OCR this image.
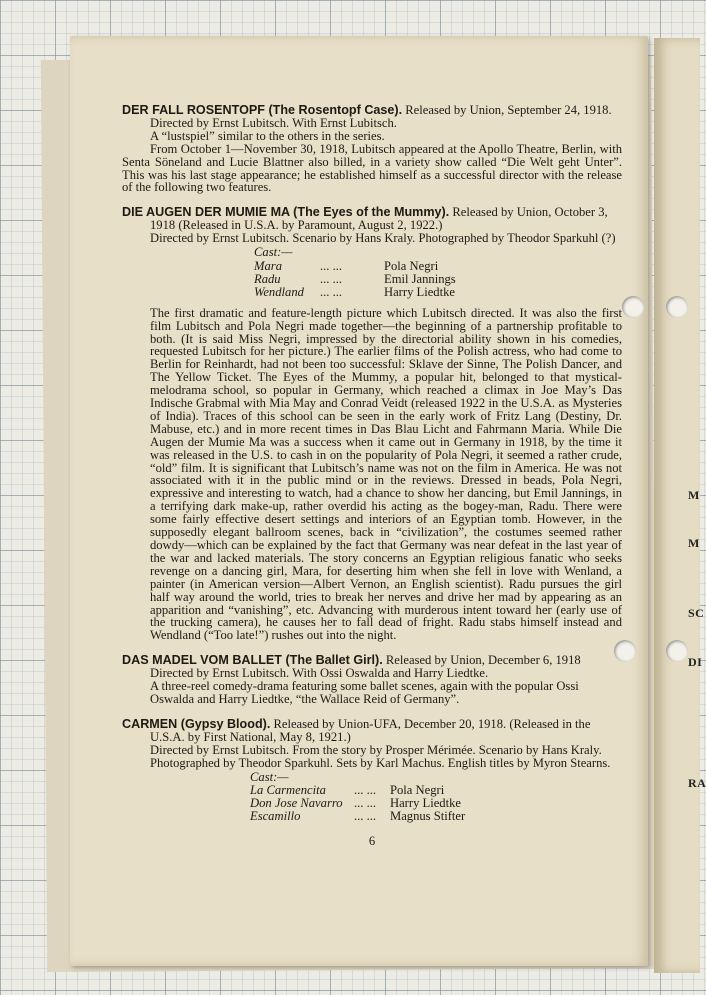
M
M
SC
DI
RA
DER FALL ROSENTOPF (The Rosentopf Case). Released by Union, September 24, 1918.
Directed by Ernst Lubitsch. With Ernst Lubitsch.
A “lustspiel” similar to the others in the series.
From October 1—November 30, 1918, Lubitsch appeared at the Apollo Theatre, Berlin, with Senta Söneland and Lucie Blattner also billed, in a variety show called “Die Welt geht Unter”. This was his last stage appearance; he established himself as a successful director with the release of the following two features.
DIE AUGEN DER MUMIE MA (The Eyes of the Mummy). Released by Union, October 3, 1918 (Released in U.S.A. by Paramount, August 2, 1922.)
Directed by Ernst Lubitsch. Scenario by Hans Kraly. Photographed by Theodor Sparkuhl (?)
Cast:—
Mara	... ...	Pola Negri
Radu	... ...	Emil Jannings
Wendland	... ...	Harry Liedtke
The first dramatic and feature-length picture which Lubitsch directed. It was also the first film Lubitsch and Pola Negri made together—the beginning of a partnership profitable to both. (It is said Miss Negri, impressed by the directorial ability shown in his comedies, requested Lubitsch for her picture.) The earlier films of the Polish actress, who had come to Berlin for Reinhardt, had not been too successful: Sklave der Sinne, The Polish Dancer, and The Yellow Ticket. The Eyes of the Mummy, a popular hit, belonged to that mystical-melodrama school, so popular in Germany, which reached a climax in Joe May’s Das Indische Grabmal with Mia May and Conrad Veidt (released 1922 in the U.S.A. as Mysteries of India). Traces of this school can be seen in the early work of Fritz Lang (Destiny, Dr. Mabuse, etc.) and in more recent times in Das Blau Licht and Fahrmann Maria. While Die Augen der Mumie Ma was a success when it came out in Germany in 1918, by the time it was released in the U.S. to cash in on the popularity of Pola Negri, it seemed a rather crude, “old” film. It is significant that Lubitsch’s name was not on the film in America. He was not associated with it in the public mind or in the reviews. Dressed in beads, Pola Negri, expressive and interesting to watch, had a chance to show her dancing, but Emil Jannings, in a terrifying dark make-up, rather overdid his acting as the bogey-man, Radu. There were some fairly effective desert settings and interiors of an Egyptian tomb. However, in the supposedly elegant ballroom scenes, back in “civilization”, the costumes seemed rather dowdy—which can be explained by the fact that Germany was near defeat in the last year of the war and lacked materials. The story concerns an Egyptian religious fanatic who seeks revenge on a dancing girl, Mara, for deserting him when she fell in love with Wenland, a painter (in American version—Albert Vernon, an English scientist). Radu pursues the girl half way around the world, tries to break her nerves and drive her mad by appearing as an apparition and “vanishing”, etc. Advancing with murderous intent toward her (early use of the trucking camera), he causes her to fall dead of fright. Radu stabs himself instead and Wendland (“Too late!”) rushes out into the night.
DAS MADEL VOM BALLET (The Ballet Girl). Released by Union, December 6, 1918
Directed by Ernst Lubitsch. With Ossi Oswalda and Harry Liedtke.
A three-reel comedy-drama featuring some ballet scenes, again with the popular Ossi Oswalda and Harry Liedtke, “the Wallace Reid of Germany”.
CARMEN (Gypsy Blood). Released by Union-UFA, December 20, 1918. (Released in the U.S.A. by First National, May 8, 1921.)
Directed by Ernst Lubitsch. From the story by Prosper Mérimée. Scenario by Hans Kraly. Photographed by Theodor Sparkuhl. Sets by Karl Machus. English titles by Myron Stearns.
Cast:—
La Carmencita	... ...	Pola Negri
Don Jose Navarro ... ...	Harry Liedtke
Escamillo	... ...	Magnus Stifter
6
